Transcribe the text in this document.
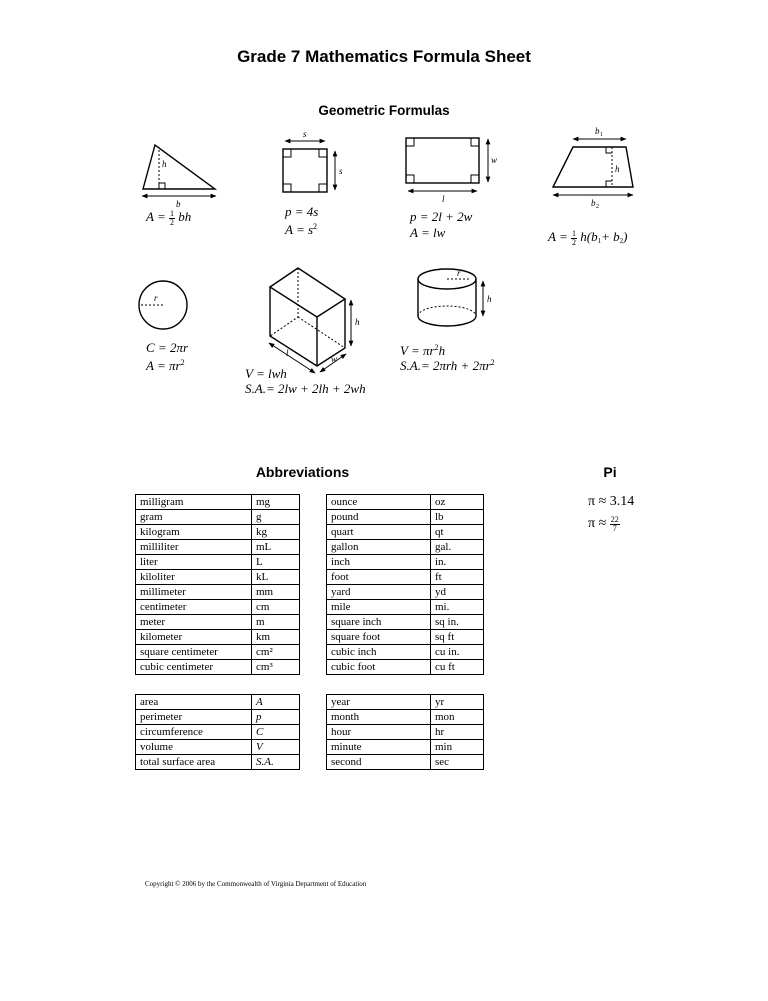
Grade 7 Mathematics Formula Sheet
Geometric Formulas
h
b
s
s
w
l
b
h
b
r
h
l
w
r
h
1
2
$A = \frac{1}{2}$ bh	p = 4s
$A = s^2$
p = 2l + 2w
A = lw	$A = \frac{1}{2} h(b1+ b2)$
C = 2πr
$A = \pi r^2$
V = lwh
S.A.= 2lw + 2lh + 2wh
$V = \pi r^2h$
$S.A.= 2\pi rh + 2\pi r^2$
Abbreviations	Pi
milligram	mg
gram	g
kilogram	kg
milliliter	mL
liter	L
kiloliter	kL
millimeter	mm
centimeter	cm
meter	m
kilometer	km
square centimeter	cm²
cubic centimeter	cm³
ounce	oz
pound	lb
quart	qt
gallon	gal.
inch	in.
foot	ft
yard	yd
mile	mi.
square inch	sq in.
square foot	sq ft
cubic inch	cu in.
cubic foot	cu ft
area	A
perimeter	p
circumference	C
volume	V
total surface area	S.A.
year	yr
month	mon
hour	hr
minute	min
second	sec
π ≈ 3.14
$\pi \approx \frac{22}{7}$
Copyright © 2006 by the Commonwealth of Virginia Department of Education
